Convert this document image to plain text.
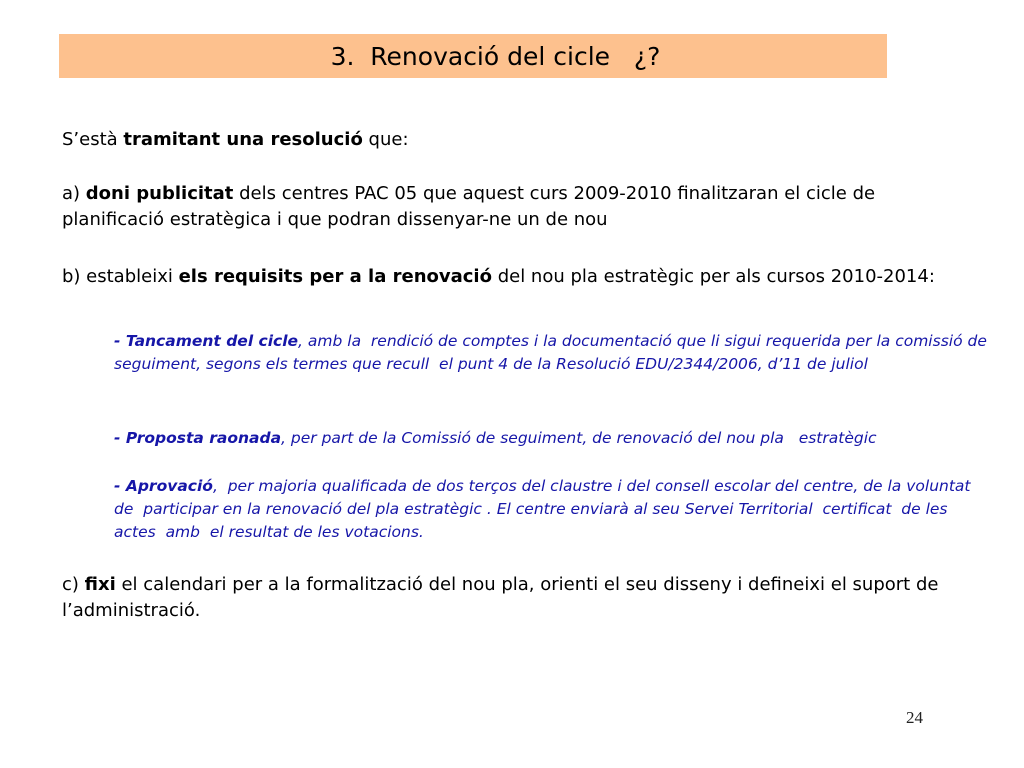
3.  Renovació del cicle   ¿?
S’està tramitant una resolució que:
a) doni publicitat dels centres PAC 05 que aquest curs 2009-2010 finalitzaran el cicle de planificació estratègica i que podran dissenyar-ne un de nou
b) estableixi els requisits per a la renovació del nou pla estratègic per als cursos 2010-2014:
- Tancament del cicle, amb la  rendició de comptes i la documentació que li sigui requerida per la comissió de seguiment, segons els termes que recull  el punt 4 de la Resolució EDU/2344/2006, d’11 de juliol
- Proposta raonada, per part de la Comissió de seguiment, de renovació del nou pla   estratègic
- Aprovació,  per majoria qualificada de dos terços del claustre i del consell escolar del centre, de la voluntat de  participar en la renovació del pla estratègic . El centre enviarà al seu Servei Territorial  certificat  de les actes  amb  el resultat de les votacions.
c) fixi el calendari per a la formalització del nou pla, orienti el seu disseny i defineixi el suport de l’administració.
24
